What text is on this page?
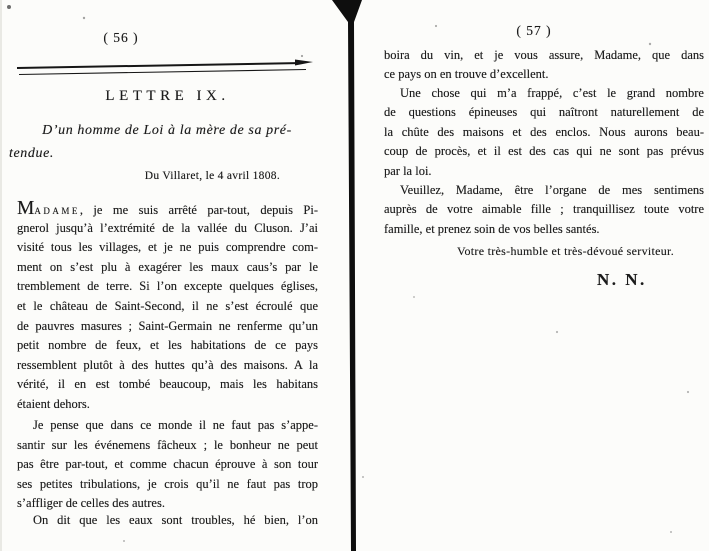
( 56 )
LETTRE IX.
D’un homme de Loi à la mère de sa pré-
tendue.
Du Villaret, le 4 avril 1808.
Madame, je me suis arrêté par-tout, depuis Pi-
gnerol jusqu’à l’extrémité de la vallée du Cluson. J’ai
visité tous les villages, et je ne puis comprendre com-
ment on s’est plu à exagérer les maux caus’s par le
tremblement de terre. Si l’on excepte quelques églises,
et le château de Saint-Second, il ne s’est écroulé que
de pauvres masures ; Saint-Germain ne renferme qu’un
petit nombre de feux, et les habitations de ce pays
ressemblent plutôt à des huttes qu’à des maisons. A la
vérité, il en est tombé beaucoup, mais les habitans
étaient dehors.
Je pense que dans ce monde il ne faut pas s’appe-
santir sur les événemens fâcheux ; le bonheur ne peut
pas être par-tout, et comme chacun éprouve à son tour
ses petites tribulations, je crois qu’il ne faut pas trop
s’affliger de celles des autres.
On dit que les eaux sont troubles, hé bien, l’on
( 57 )
boira du vin, et je vous assure, Madame, que dans
ce pays on en trouve d’excellent.
Une chose qui m’a frappé, c’est le grand nombre
de questions épineuses qui naîtront naturellement de
la chûte des maisons et des enclos. Nous aurons beau-
coup de procès, et il est des cas qui ne sont pas prévus
par la loi.
Veuillez, Madame, être l’organe de mes sentimens
auprès de votre aimable fille ; tranquillisez toute votre
famille, et prenez soin de vos belles santés.
Votre très-humble et très-dévoué serviteur.
N. N.
